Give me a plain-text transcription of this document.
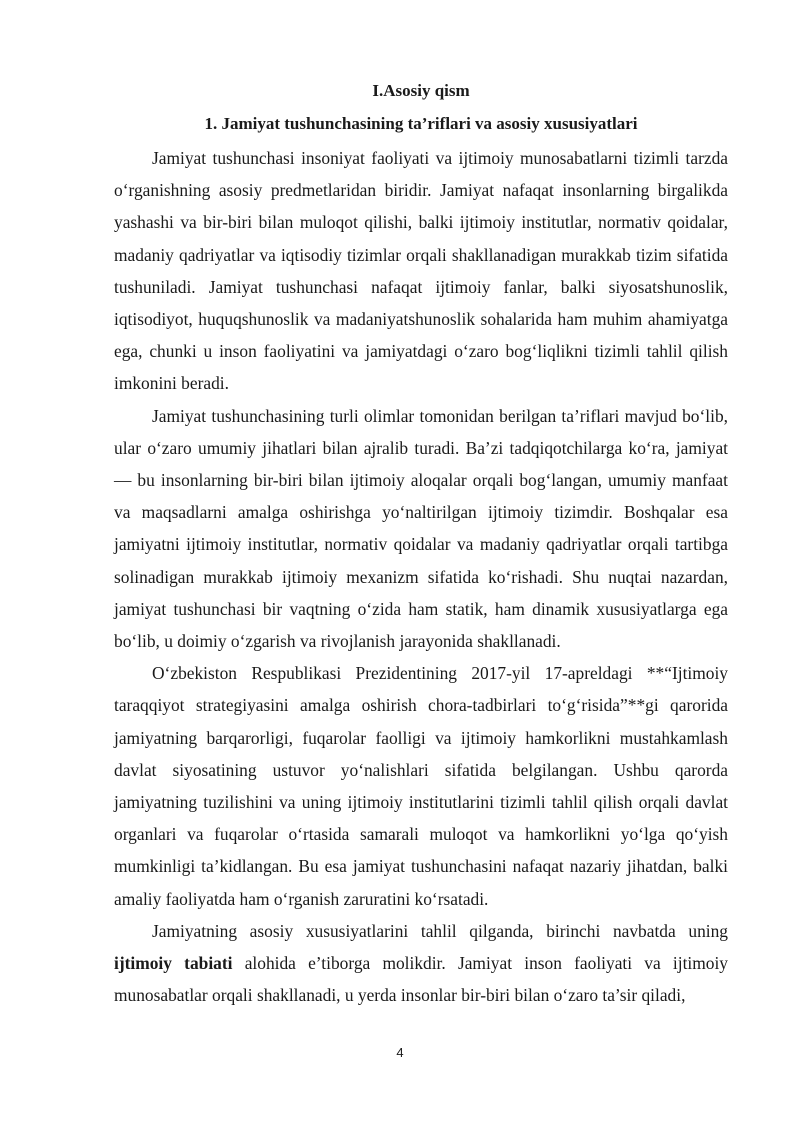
I.Asosiy qism
1. Jamiyat tushunchasining ta’riflari va asosiy xususiyatlari

Jamiyat tushunchasi insoniyat faoliyati va ijtimoiy munosabatlarni tizimli tarzda o‘rganishning asosiy predmetlaridan biridir. Jamiyat nafaqat insonlarning birgalikda yashashi va bir-biri bilan muloqot qilishi, balki ijtimoiy institutlar, normativ qoidalar, madaniy qadriyatlar va iqtisodiy tizimlar orqali shakllanadigan murakkab tizim sifatida tushuniladi. Jamiyat tushunchasi nafaqat ijtimoiy fanlar, balki siyosatshunoslik, iqtisodiyot, huquqshunoslik va madaniyatshunoslik sohalarida ham muhim ahamiyatga ega, chunki u inson faoliyatini va jamiyatdagi o‘zaro bog‘liqlikni tizimli tahlil qilish imkonini beradi.

Jamiyat tushunchasining turli olimlar tomonidan berilgan ta’riflari mavjud bo‘lib, ular o‘zaro umumiy jihatlari bilan ajralib turadi. Ba’zi tadqiqotchilarga ko‘ra, jamiyat — bu insonlarning bir-biri bilan ijtimoiy aloqalar orqali bog‘langan, umumiy manfaat va maqsadlarni amalga oshirishga yo‘naltirilgan ijtimoiy tizimdir. Boshqalar esa jamiyatni ijtimoiy institutlar, normativ qoidalar va madaniy qadriyatlar orqali tartibga solinadigan murakkab ijtimoiy mexanizm sifatida ko‘rishadi. Shu nuqtai nazardan, jamiyat tushunchasi bir vaqtning o‘zida ham statik, ham dinamik xususiyatlarga ega bo‘lib, u doimiy o‘zgarish va rivojlanish jarayonida shakllanadi.

O‘zbekiston Respublikasi Prezidentining 2017-yil 17-apreldagi **“Ijtimoiy taraqqiyot strategiyasini amalga oshirish chora-tadbirlari to‘g‘risida”**gi qarorida jamiyatning barqarorligi, fuqarolar faolligi va ijtimoiy hamkorlikni mustahkamlash davlat siyosatining ustuvor yo‘nalishlari sifatida belgilangan. Ushbu qarorda jamiyatning tuzilishini va uning ijtimoiy institutlarini tizimli tahlil qilish orqali davlat organlari va fuqarolar o‘rtasida samarali muloqot va hamkorlikni yo‘lga qo‘yish mumkinligi ta’kidlangan. Bu esa jamiyat tushunchasini nafaqat nazariy jihatdan, balki amaliy faoliyatda ham o‘rganish zaruratini ko‘rsatadi.

Jamiyatning asosiy xususiyatlarini tahlil qilganda, birinchi navbatda uning ijtimoiy tabiati alohida e’tiborga molikdir. Jamiyat inson faoliyati va ijtimoiy munosabatlar orqali shakllanadi, u yerda insonlar bir-biri bilan o‘zaro ta’sir qiladi,

4
